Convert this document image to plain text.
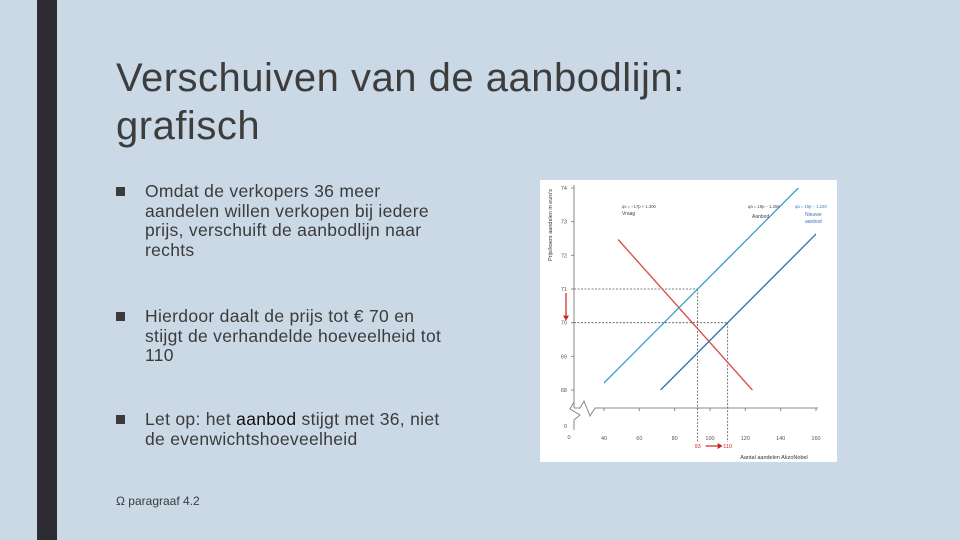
Verschuiven van de aanbodlijn: grafisch
Omdat de verkopers 36 meer aandelen willen verkopen bij iedere prijs, verschuift de aanbodlijn naar rechts
Hierdoor daalt de prijs tot € 70 en stijgt de verhandelde hoeveelheid tot 110
Let op: het aanbod stijgt met 36, niet de evenwichtshoeveelheid
Ω paragraaf 4.2
0
68
69
70
71
72
73
74
0	40	60	80	100	120	140	160
qv = −17p + 1.300
Vraag
qa = 19p − 1.256
Aanbod
qa = 19p − 1.220
Nieuwe
aanbod
93	110
Aantal aandelen AkzoNobel
Prijs/koers aandelen in euro's
